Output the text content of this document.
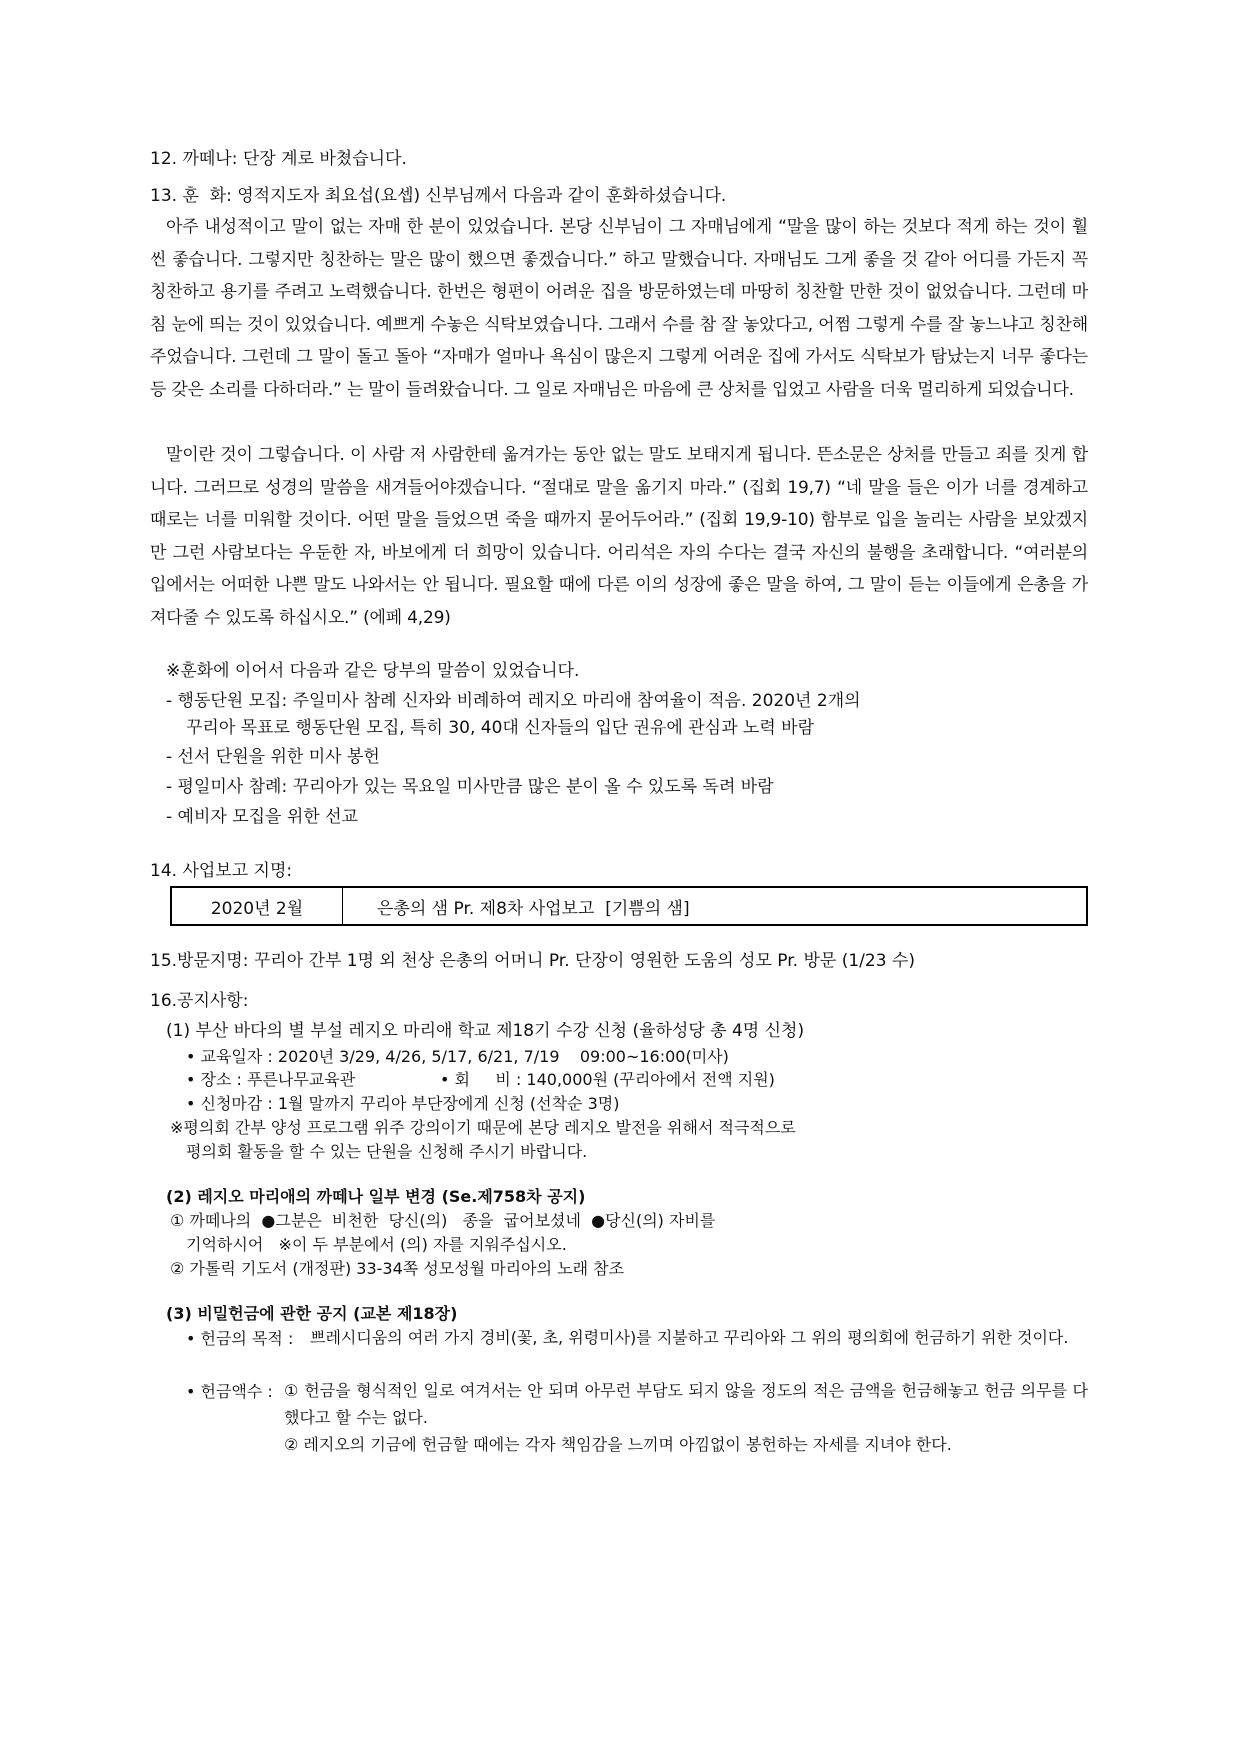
12. 까떼나: 단장 계로 바쳤습니다.
13. 훈  화: 영적지도자 최요섭(요셉) 신부님께서 다음과 같이 훈화하셨습니다.
아주 내성적이고 말이 없는 자매 한 분이 있었습니다. 본당 신부님이 그 자매님에게 “말을 많이 하는 것보다 적게 하는 것이 훨씬 좋습니다. 그렇지만 칭찬하는 말은 많이 했으면 좋겠습니다.” 하고 말했습니다. 자매님도 그게 좋을 것 같아 어디를 가든지 꼭 칭찬하고 용기를 주려고 노력했습니다. 한번은 형편이 어려운 집을 방문하였는데 마땅히 칭찬할 만한 것이 없었습니다. 그런데 마침 눈에 띄는 것이 있었습니다. 예쁘게 수놓은 식탁보였습니다. 그래서 수를 참 잘 놓았다고, 어쩜 그렇게 수를 잘 놓느냐고 칭찬해 주었습니다. 그런데 그 말이 돌고 돌아 “자매가 얼마나 욕심이 많은지 그렇게 어려운 집에 가서도 식탁보가 탐났는지 너무 좋다는 등 갖은 소리를 다하더라.” 는 말이 들려왔습니다. 그 일로 자매님은 마음에 큰 상처를 입었고 사람을 더욱 멀리하게 되었습니다.
말이란 것이 그렇습니다. 이 사람 저 사람한테 옮겨가는 동안 없는 말도 보태지게 됩니다. 뜬소문은 상처를 만들고 죄를 짓게 합니다. 그러므로 성경의 말씀을 새겨들어야겠습니다. “절대로 말을 옮기지 마라.” (집회 19,7) “네 말을 들은 이가 너를 경계하고 때로는 너를 미워할 것이다. 어떤 말을 들었으면 죽을 때까지 묻어두어라.” (집회 19,9-10) 함부로 입을 놀리는 사람을 보았겠지만 그런 사람보다는 우둔한 자, 바보에게 더 희망이 있습니다. 어리석은 자의 수다는 결국 자신의 불행을 초래합니다. “여러분의 입에서는 어떠한 나쁜 말도 나와서는 안 됩니다. 필요할 때에 다른 이의 성장에 좋은 말을 하여, 그 말이 듣는 이들에게 은총을 가져다줄 수 있도록 하십시오.” (에페 4,29)
※훈화에 이어서 다음과 같은 당부의 말씀이 있었습니다.
- 행동단원 모집: 주일미사 참례 신자와 비례하여 레지오 마리애 참여율이 적음. 2020년 2개의
꾸리아 목표로 행동단원 모집, 특히 30, 40대 신자들의 입단 권유에 관심과 노력 바람
- 선서 단원을 위한 미사 봉헌
- 평일미사 참례: 꾸리아가 있는 목요일 미사만큼 많은 분이 올 수 있도록 독려 바람
- 예비자 모집을 위한 선교
14. 사업보고 지명:
2020년 2월	은총의 샘 Pr. 제8차 사업보고  [기쁨의 샘]
15.방문지명: 꾸리아 간부 1명 외 천상 은총의 어머니 Pr. 단장이 영원한 도움의 성모 Pr. 방문 (1/23 수)
16.공지사항:
(1) 부산 바다의 별 부설 레지오 마리애 학교 제18기 수강 신청 (율하성당 총 4명 신청)
• 교육일자 : 2020년 3/29, 4/26, 5/17, 6/21, 7/19    09:00~16:00(미사)
• 장소 : 푸른나무교육관	• 회     비 : 140,000원 (꾸리아에서 전액 지원)
• 신청마감 : 1월 말까지 꾸리아 부단장에게 신청 (선착순 3명)
※평의회 간부 양성 프로그램 위주 강의이기 때문에 본당 레지오 발전을 위해서 적극적으로
평의회 활동을 할 수 있는 단원을 신청해 주시기 바랍니다.
(2) 레지오 마리애의 까떼나 일부 변경 (Se.제758차 공지)
① 까떼나의  ●그분은  비천한  당신(의)   종을  굽어보셨네  ●당신(의) 자비를
기억하시어   ※이 두 부분에서 (의) 자를 지워주십시오.
② 가톨릭 기도서 (개정판) 33-34쪽 성모성월 마리아의 노래 참조
(3) 비밀헌금에 관한 공지 (교본 제18장)
• 헌금의 목적 : 쁘레시디움의 여러 가지 경비(꽃, 초, 위령미사)를 지불하고 꾸리아와 그 위의 평의회에 헌금하기 위한 것이다.
• 헌금액수 : ① 헌금을 형식적인 일로 여겨서는 안 되며 아무런 부담도 되지 않을 정도의 적은 금액을 헌금해놓고 헌금 의무를 다했다고 할 수는 없다.
② 레지오의 기금에 헌금할 때에는 각자 책임감을 느끼며 아낌없이 봉헌하는 자세를 지녀야 한다.
